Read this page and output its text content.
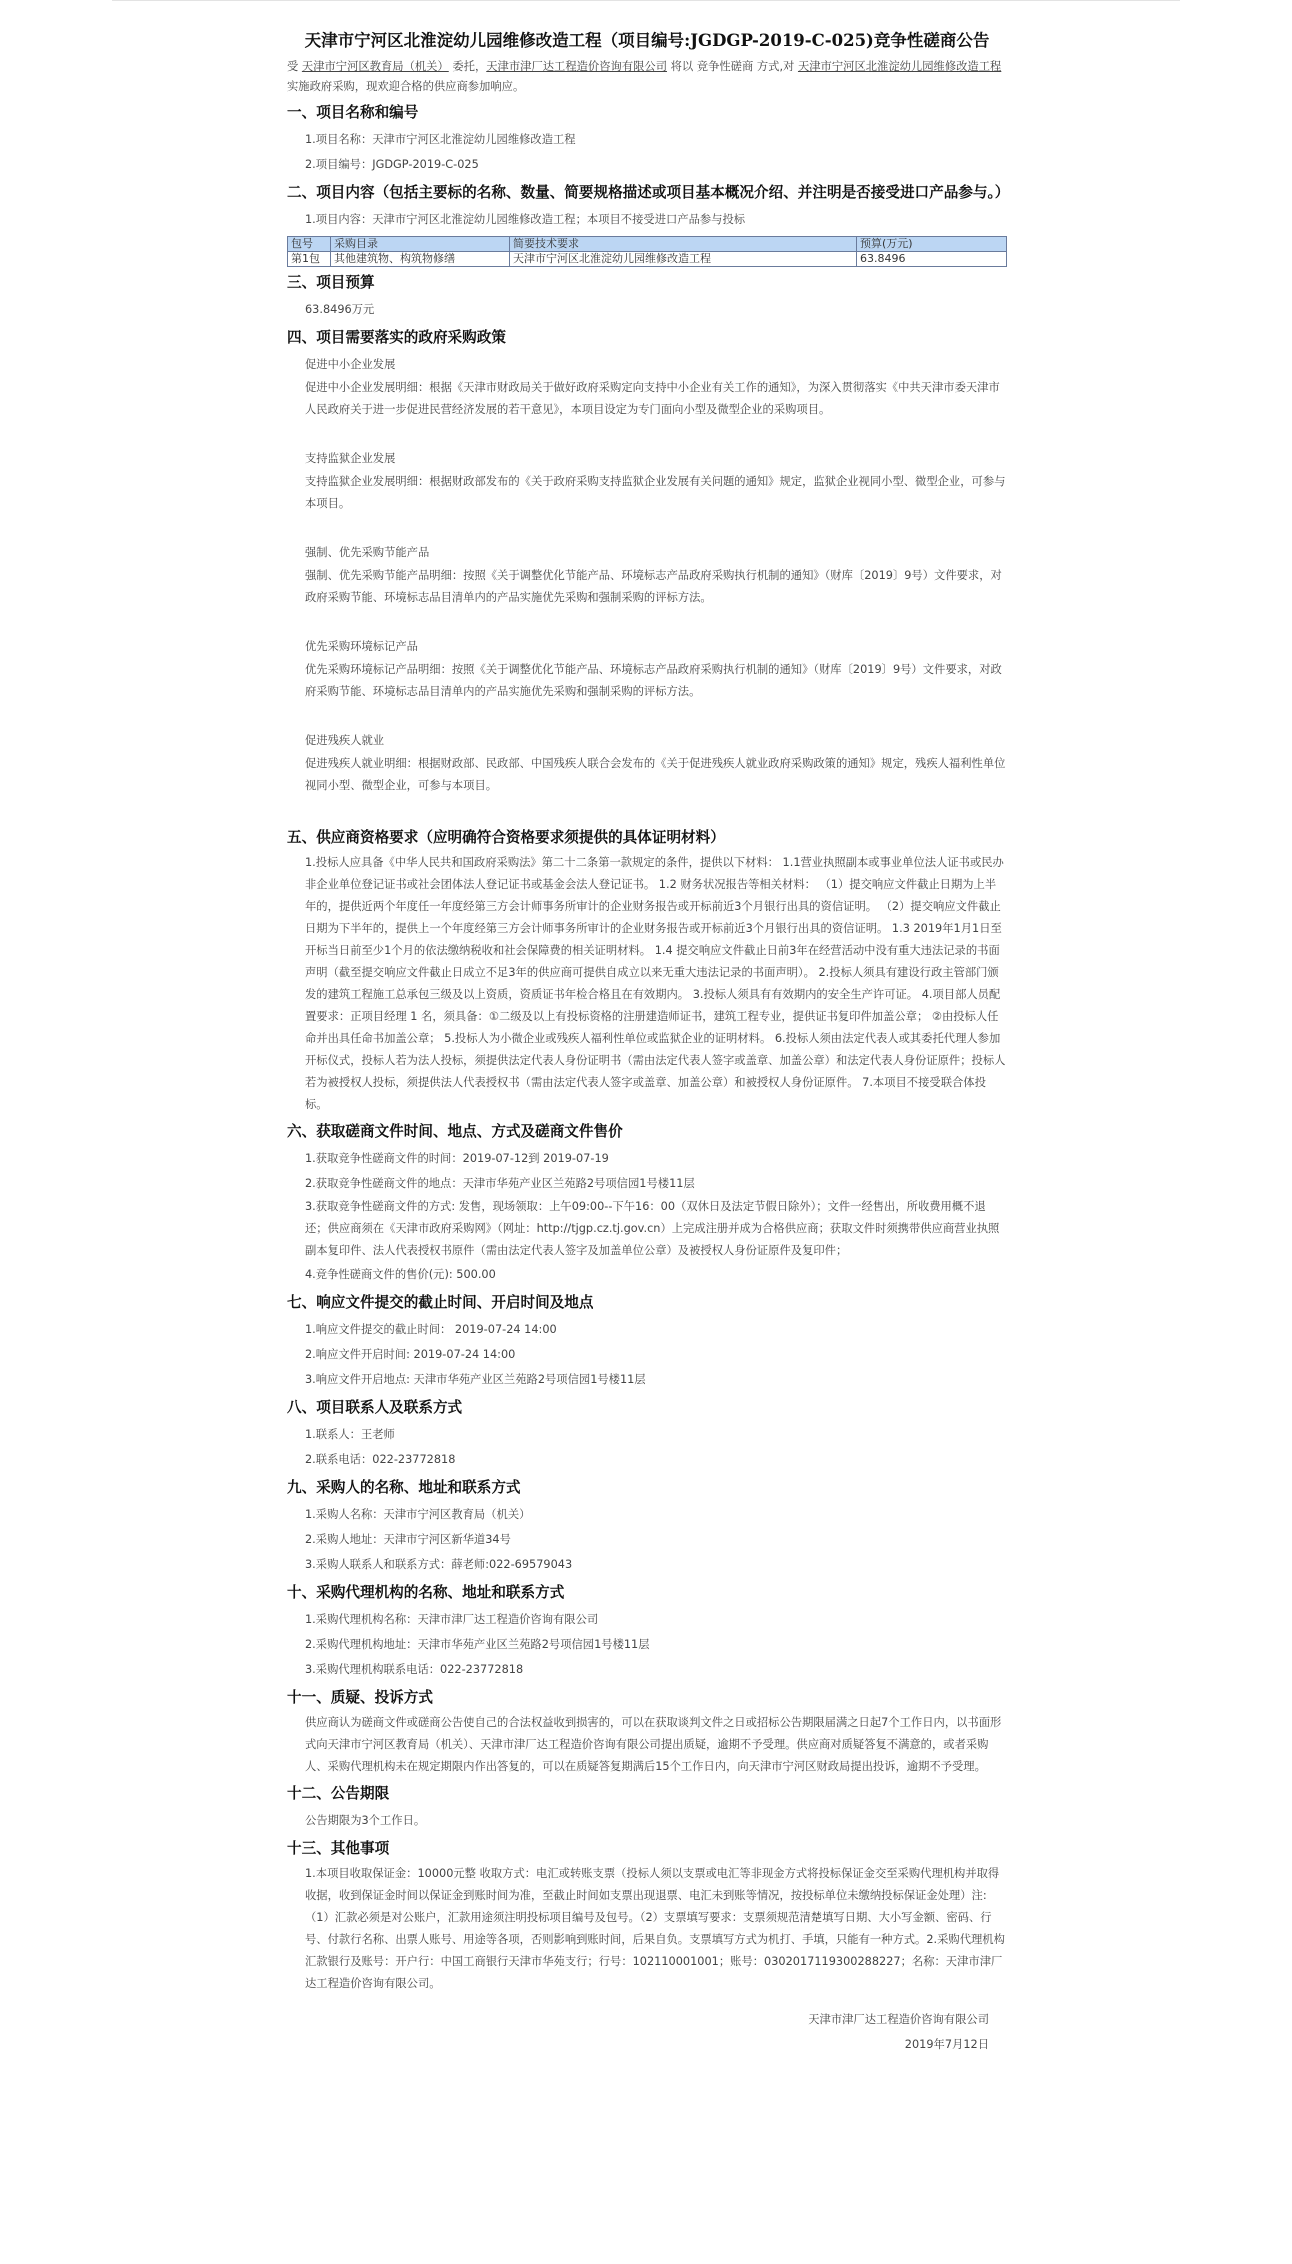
天津市宁河区北淮淀幼儿园维修改造工程（项目编号:JGDGP-2019-C-025)竞争性磋商公告

受 天津市宁河区教育局（机关） 委托，天津市津厂达工程造价咨询有限公司 将以 竞争性磋商 方式,对 天津市宁河区北淮淀幼儿园维修改造工程 实施政府采购，现欢迎合格的供应商参加响应。

一、项目名称和编号
1.项目名称：天津市宁河区北淮淀幼儿园维修改造工程
2.项目编号：JGDGP-2019-C-025
二、项目内容（包括主要标的名称、数量、简要规格描述或项目基本概况介绍、并注明是否接受进口产品参与。）
1.项目内容：天津市宁河区北淮淀幼儿园维修改造工程；本项目不接受进口产品参与投标
包号	采购目录	简要技术要求	预算(万元)
第1包	其他建筑物、构筑物修缮	天津市宁河区北淮淀幼儿园维修改造工程	63.8496
三、项目预算
63.8496万元
四、项目需要落实的政府采购政策
促进中小企业发展
促进中小企业发展明细：根据《天津市财政局关于做好政府采购定向支持中小企业有关工作的通知》，为深入贯彻落实《中共天津市委天津市人民政府关于进一步促进民营经济发展的若干意见》，本项目设定为专门面向小型及微型企业的采购项目。
支持监狱企业发展
支持监狱企业发展明细：根据财政部发布的《关于政府采购支持监狱企业发展有关问题的通知》规定，监狱企业视同小型、微型企业，可参与本项目。
强制、优先采购节能产品
强制、优先采购节能产品明细：按照《关于调整优化节能产品、环境标志产品政府采购执行机制的通知》（财库〔2019〕9号）文件要求，对政府采购节能、环境标志品目清单内的产品实施优先采购和强制采购的评标方法。
优先采购环境标记产品
优先采购环境标记产品明细：按照《关于调整优化节能产品、环境标志产品政府采购执行机制的通知》（财库〔2019〕9号）文件要求，对政府采购节能、环境标志品目清单内的产品实施优先采购和强制采购的评标方法。
促进残疾人就业
促进残疾人就业明细：根据财政部、民政部、中国残疾人联合会发布的《关于促进残疾人就业政府采购政策的通知》规定，残疾人福利性单位视同小型、微型企业，可参与本项目。
五、供应商资格要求（应明确符合资格要求须提供的具体证明材料）
1.投标人应具备《中华人民共和国政府采购法》第二十二条第一款规定的条件，提供以下材料： 1.1营业执照副本或事业单位法人证书或民办非企业单位登记证书或社会团体法人登记证书或基金会法人登记证书。 1.2 财务状况报告等相关材料： （1）提交响应文件截止日期为上半年的，提供近两个年度任一年度经第三方会计师事务所审计的企业财务报告或开标前近3个月银行出具的资信证明。 （2）提交响应文件截止日期为下半年的，提供上一个年度经第三方会计师事务所审计的企业财务报告或开标前近3个月银行出具的资信证明。 1.3 2019年1月1日至开标当日前至少1个月的依法缴纳税收和社会保障费的相关证明材料。 1.4 提交响应文件截止日前3年在经营活动中没有重大违法记录的书面声明（截至提交响应文件截止日成立不足3年的供应商可提供自成立以来无重大违法记录的书面声明）。 2.投标人须具有建设行政主管部门颁发的建筑工程施工总承包三级及以上资质，资质证书年检合格且在有效期内。 3.投标人须具有有效期内的安全生产许可证。 4.项目部人员配置要求：正项目经理 1 名，须具备：①二级及以上有投标资格的注册建造师证书，建筑工程专业，提供证书复印件加盖公章； ②由投标人任命并出具任命书加盖公章； 5.投标人为小微企业或残疾人福利性单位或监狱企业的证明材料。 6.投标人须由法定代表人或其委托代理人参加开标仪式，投标人若为法人投标，须提供法定代表人身份证明书（需由法定代表人签字或盖章、加盖公章）和法定代表人身份证原件；投标人若为被授权人投标，须提供法人代表授权书（需由法定代表人签字或盖章、加盖公章）和被授权人身份证原件。 7.本项目不接受联合体投标。
六、获取磋商文件时间、地点、方式及磋商文件售价
1.获取竞争性磋商文件的时间：2019-07-12到 2019-07-19
2.获取竞争性磋商文件的地点：天津市华苑产业区兰苑路2号项信园1号楼11层
3.获取竞争性磋商文件的方式: 发售，现场领取：上午09:00--下午16：00（双休日及法定节假日除外）；文件一经售出，所收费用概不退还；供应商须在《天津市政府采购网》（网址：http://tjgp.cz.tj.gov.cn）上完成注册并成为合格供应商；获取文件时须携带供应商营业执照副本复印件、法人代表授权书原件（需由法定代表人签字及加盖单位公章）及被授权人身份证原件及复印件；
4.竞争性磋商文件的售价(元): 500.00
七、响应文件提交的截止时间、开启时间及地点
1.响应文件提交的截止时间： 2019-07-24 14:00
2.响应文件开启时间: 2019-07-24 14:00
3.响应文件开启地点: 天津市华苑产业区兰苑路2号项信园1号楼11层
八、项目联系人及联系方式
1.联系人：王老师
2.联系电话：022-23772818
九、采购人的名称、地址和联系方式
1.采购人名称：天津市宁河区教育局（机关）
2.采购人地址：天津市宁河区新华道34号
3.采购人联系人和联系方式：薛老师:022-69579043
十、采购代理机构的名称、地址和联系方式
1.采购代理机构名称：天津市津厂达工程造价咨询有限公司
2.采购代理机构地址：天津市华苑产业区兰苑路2号项信园1号楼11层
3.采购代理机构联系电话：022-23772818
十一、质疑、投诉方式
供应商认为磋商文件或磋商公告使自己的合法权益收到损害的，可以在获取谈判文件之日或招标公告期限届满之日起7个工作日内，以书面形式向天津市宁河区教育局（机关）、天津市津厂达工程造价咨询有限公司提出质疑，逾期不予受理。供应商对质疑答复不满意的，或者采购人、采购代理机构未在规定期限内作出答复的，可以在质疑答复期满后15个工作日内，向天津市宁河区财政局提出投诉，逾期不予受理。
十二、公告期限
公告期限为3个工作日。
十三、其他事项
1.本项目收取保证金：10000元整 收取方式：电汇或转账支票（投标人须以支票或电汇等非现金方式将投标保证金交至采购代理机构并取得收据，收到保证金时间以保证金到账时间为准，至截止时间如支票出现退票、电汇未到账等情况，按投标单位未缴纳投标保证金处理）注:（1）汇款必须是对公账户，汇款用途须注明投标项目编号及包号。（2）支票填写要求：支票须规范清楚填写日期、大小写金额、密码、行号、付款行名称、出票人账号、用途等各项，否则影响到账时间，后果自负。支票填写方式为机打、手填，只能有一种方式。2.采购代理机构汇款银行及账号：开户行：中国工商银行天津市华苑支行；行号：102110001001；账号：0302017119300288227；名称：天津市津厂达工程造价咨询有限公司。
天津市津厂达工程造价咨询有限公司
2019年7月12日
